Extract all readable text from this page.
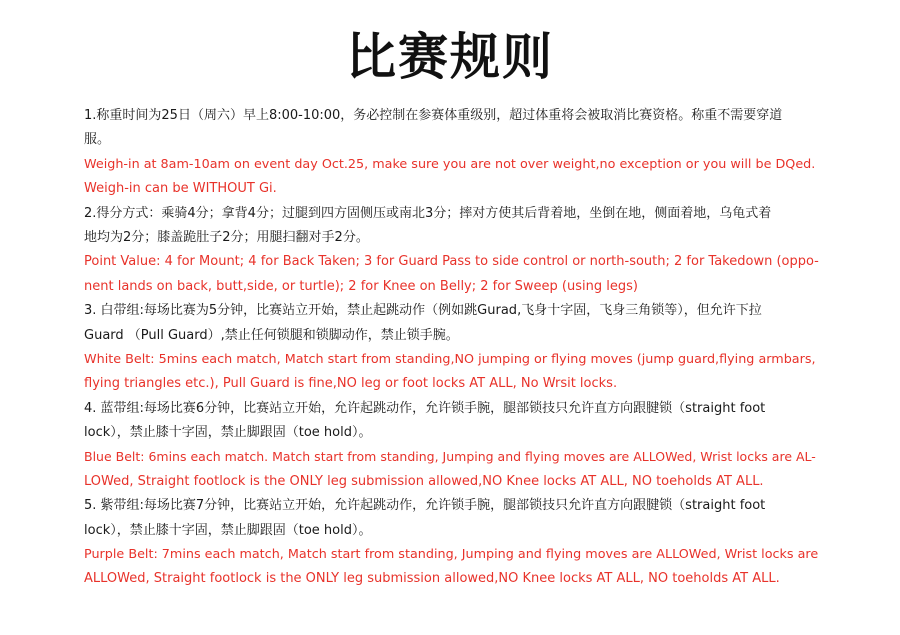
比赛规则
1.称重时间为25日（周六）早上8:00-10:00，务必控制在参赛体重级别，超过体重将会被取消比赛资格。称重不需要穿道
服。
Weigh-in at 8am-10am on event day Oct.25, make sure you are not over weight,no exception or you will be DQed.
Weigh-in can be WITHOUT Gi.
2.得分方式：乘骑4分；拿背4分；过腿到四方固侧压或南北3分；摔对方使其后背着地，坐倒在地，侧面着地，乌龟式着
地均为2分；膝盖跪肚子2分；用腿扫翻对手2分。
Point Value: 4 for Mount; 4 for Back Taken; 3 for Guard Pass to side control or north-south; 2 for Takedown (oppo-
nent lands on back, butt,side, or turtle); 2 for Knee on Belly; 2 for Sweep (using legs)
3. 白带组:每场比赛为5分钟，比赛站立开始，禁止起跳动作（例如跳Gurad,飞身十字固，飞身三角锁等），但允许下拉
Guard （Pull Guard）,禁止任何锁腿和锁脚动作，禁止锁手腕。
White Belt: 5mins each match, Match start from standing,NO jumping or flying moves (jump guard,flying armbars,
flying triangles etc.), Pull Guard is fine,NO leg or foot locks AT ALL, No Wrsit locks.
4. 蓝带组:每场比赛6分钟，比赛站立开始，允许起跳动作，允许锁手腕，腿部锁技只允许直方向跟腱锁（straight foot
lock），禁止膝十字固，禁止脚跟固（toe hold）。
Blue Belt: 6mins each match. Match start from standing, Jumping and flying moves are ALLOWed, Wrist locks are AL-
LOWed, Straight footlock is the ONLY leg submission allowed,NO Knee locks AT ALL, NO toeholds AT ALL.
5. 紫带组:每场比赛7分钟，比赛站立开始，允许起跳动作，允许锁手腕，腿部锁技只允许直方向跟腱锁（straight foot
lock），禁止膝十字固，禁止脚跟固（toe hold）。
Purple Belt: 7mins each match, Match start from standing, Jumping and flying moves are ALLOWed, Wrist locks are
ALLOWed, Straight footlock is the ONLY leg submission allowed,NO Knee locks AT ALL, NO toeholds AT ALL.
